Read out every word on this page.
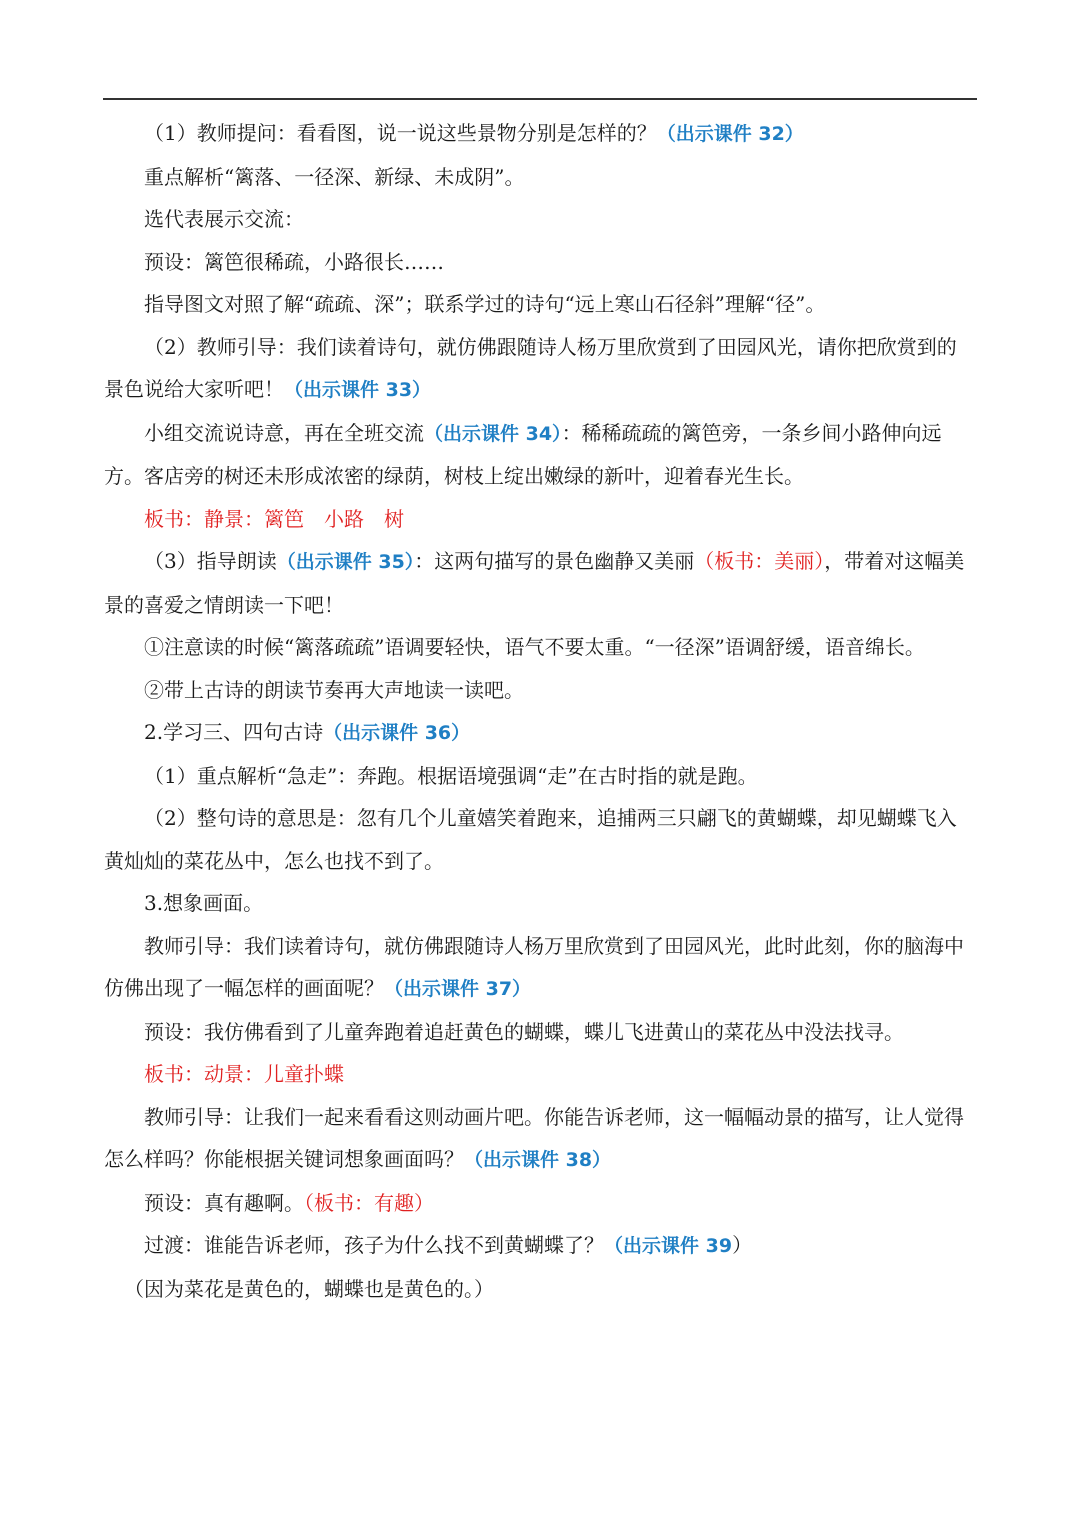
（1）教师提问：看看图，说一说这些景物分别是怎样的？（出示课件 32）

重点解析“篱落、一径深、新绿、未成阴”。

选代表展示交流：

预设：篱笆很稀疏，小路很长……

指导图文对照了解“疏疏、深”；联系学过的诗句“远上寒山石径斜”理解“径”。

（2）教师引导：我们读着诗句，就仿佛跟随诗人杨万里欣赏到了田园风光，请你把欣赏到的景色说给大家听吧！（出示课件 33）

小组交流说诗意，再在全班交流（出示课件 34）：稀稀疏疏的篱笆旁，一条乡间小路伸向远方。客店旁的树还未形成浓密的绿荫，树枝上绽出嫩绿的新叶，迎着春光生长。

板书：静景：篱笆　小路　树

（3）指导朗读（出示课件 35）：这两句描写的景色幽静又美丽（板书：美丽），带着对这幅美景的喜爱之情朗读一下吧！

①注意读的时候“篱落疏疏”语调要轻快，语气不要太重。“一径深”语调舒缓，语音绵长。

②带上古诗的朗读节奏再大声地读一读吧。

2.学习三、四句古诗（出示课件 36）

（1）重点解析“急走”：奔跑。根据语境强调“走”在古时指的就是跑。

（2）整句诗的意思是：忽有几个儿童嬉笑着跑来，追捕两三只翩飞的黄蝴蝶，却见蝴蝶飞入黄灿灿的菜花丛中，怎么也找不到了。

3.想象画面。

教师引导：我们读着诗句，就仿佛跟随诗人杨万里欣赏到了田园风光，此时此刻，你的脑海中仿佛出现了一幅怎样的画面呢？（出示课件 37）

预设：我仿佛看到了儿童奔跑着追赶黄色的蝴蝶，蝶儿飞进黄山的菜花丛中没法找寻。

板书：动景：儿童扑蝶

教师引导：让我们一起来看看这则动画片吧。你能告诉老师，这一幅幅动景的描写，让人觉得怎么样吗？你能根据关键词想象画面吗？（出示课件 38）

预设：真有趣啊。（板书：有趣）

过渡：谁能告诉老师，孩子为什么找不到黄蝴蝶了？（出示课件 39）

（因为菜花是黄色的，蝴蝶也是黄色的。）
